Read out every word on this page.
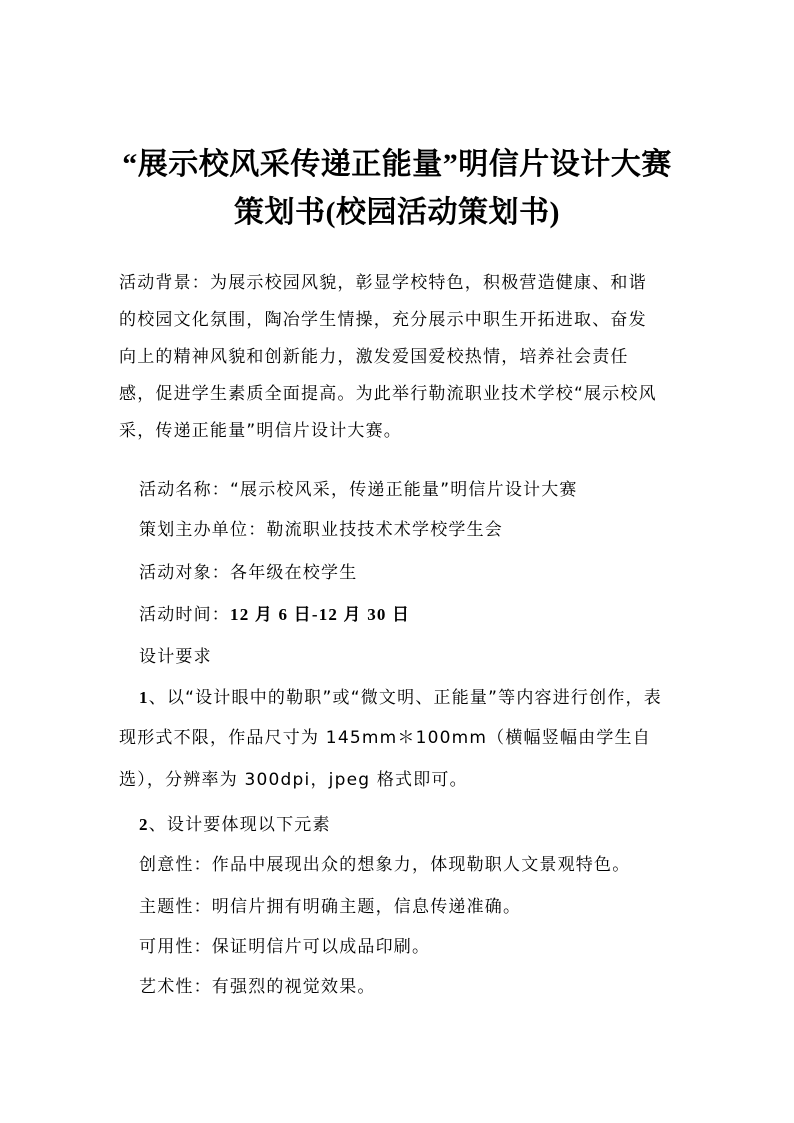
“展示校风采传递正能量”明信片设计大赛
策划书(校园活动策划书)
活动背景：为展示校园风貌，彰显学校特色，积极营造健康、和谐
的校园文化氛围，陶冶学生情操，充分展示中职生开拓进取、奋发
向上的精神风貌和创新能力，激发爱国爱校热情，培养社会责任
感，促进学生素质全面提高。为此举行勒流职业技术学校“展示校风
采，传递正能量”明信片设计大赛。
活动名称：“展示校风采，传递正能量”明信片设计大赛
策划主办单位：勒流职业技技术术学校学生会
活动对象：各年级在校学生
活动时间：12 月 6 日-12 月 30 日
设计要求
1、以“设计眼中的勒职”或“微文明、正能量”等内容进行创作，表
现形式不限，作品尺寸为 145mm＊100mm（横幅竖幅由学生自
选），分辨率为 300dpi，jpeg 格式即可。
2、设计要体现以下元素
创意性：作品中展现出众的想象力，体现勒职人文景观特色。
主题性：明信片拥有明确主题，信息传递准确。
可用性：保证明信片可以成品印刷。
艺术性：有强烈的视觉效果。
